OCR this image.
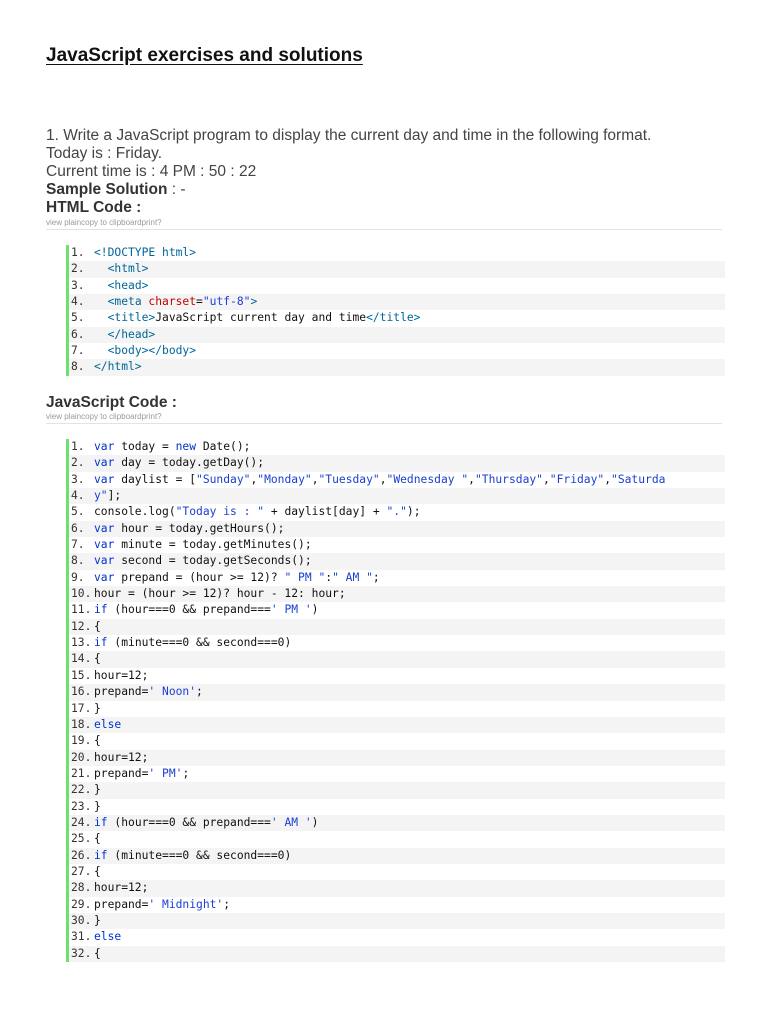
JavaScript exercises and solutions
1. Write a JavaScript program to display the current day and time in the following format.
Today is : Friday.
Current time is : 4 PM : 50 : 22
Sample Solution : -
HTML Code :
view plaincopy to clipboardprint?
1. <!DOCTYPE html>
2.	<html>
3.	<head>
4.	<meta charset="utf-8">
5.	<title>JavaScript current day and time</title>
6.	</head>
7.	<body></body>
8. </html>
JavaScript Code :
view plaincopy to clipboardprint?
1. var today = new Date();
2. var day = today.getDay();
3. var daylist = ["Sunday","Monday","Tuesday","Wednesday ","Thursday","Friday","Saturda
4. y"];
5. console.log("Today is : " + daylist[day] + ".");
6. var hour = today.getHours();
7. var minute = today.getMinutes();
8. var second = today.getSeconds();
9. var prepand = (hour >= 12)? " PM ":" AM ";
10. hour = (hour >= 12)? hour - 12: hour;
11. if (hour===0 && prepand===' PM ')
12. {
13. if (minute===0 && second===0)
14. {
15. hour=12;
16. prepand=' Noon';
17. }
18. else
19. {
20. hour=12;
21. prepand=' PM';
22. }
23. }
24. if (hour===0 && prepand===' AM ')
25. {
26. if (minute===0 && second===0)
27. {
28. hour=12;
29. prepand=' Midnight';
30. }
31. else
32. {
